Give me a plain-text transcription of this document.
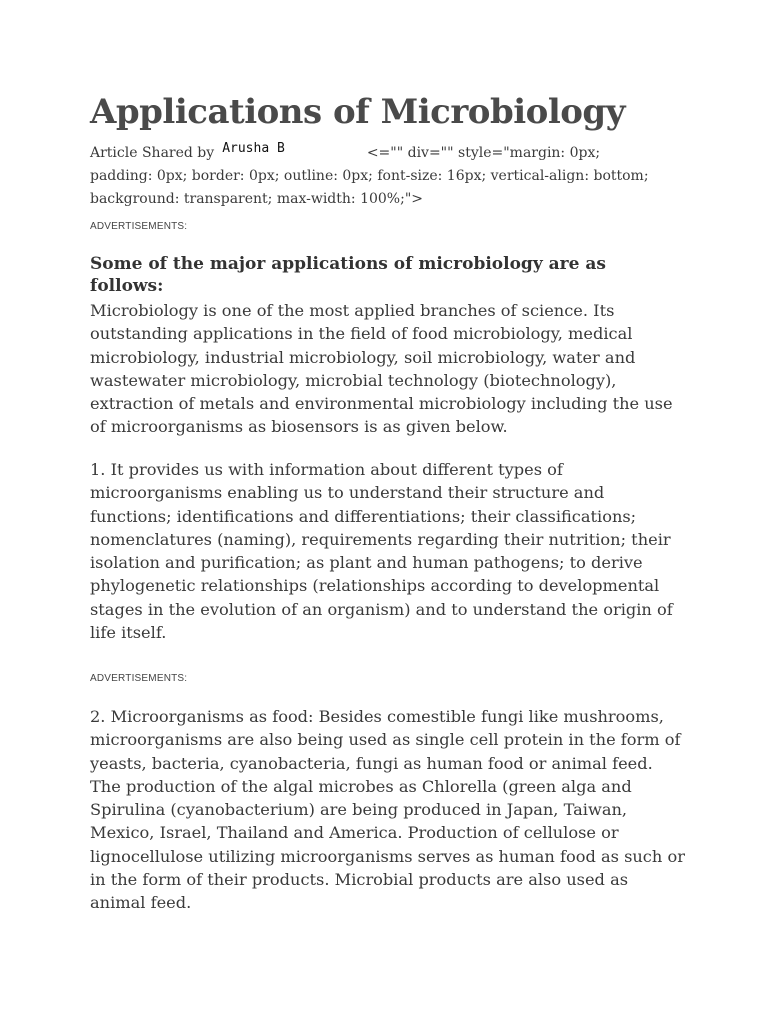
Applications of Microbiology
Article Shared by Arusha B	<="" div="" style="margin: 0px; padding: 0px; border: 0px; outline: 0px; font-size: 16px; vertical-align: bottom; background: transparent; max-width: 100%;">
ADVERTISEMENTS:
Some of the major applications of microbiology are as follows:

Microbiology is one of the most applied branches of science. Its outstanding applications in the field of food microbiology, medical microbiology, industrial microbiology, soil microbiology, water and wastewater microbiology, microbial technology (biotechnology), extraction of metals and environmental microbiology including the use of microorganisms as biosensors is as given below.

1. It provides us with information about different types of microorganisms enabling us to understand their structure and functions; identifications and differentiations; their classifications; nomenclatures (naming), requirements regarding their nutrition; their isolation and purification; as plant and human pathogens; to derive phylogenetic relationships (relationships according to developmental stages in the evolution of an organism) and to understand the origin of life itself.

ADVERTISEMENTS:

2. Microorganisms as food: Besides comestible fungi like mushrooms, microorganisms are also being used as single cell protein in the form of yeasts, bacteria, cyanobacteria, fungi as human food or animal feed. The production of the algal microbes as Chlorella (green alga and Spirulina (cyanobacterium) are being produced in Japan, Taiwan, Mexico, Israel, Thailand and America. Production of cellulose or lignocellulose utilizing microorganisms serves as human food as such or in the form of their products. Microbial products are also used as animal feed.
